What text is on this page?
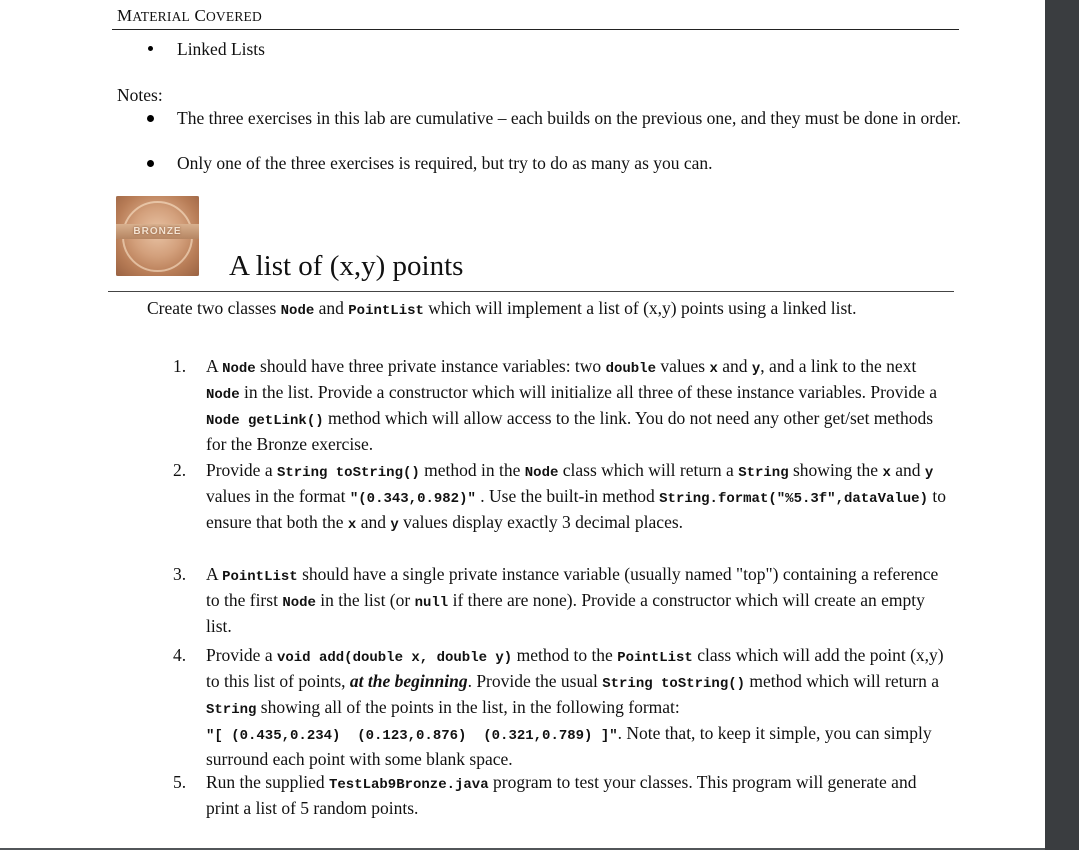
MATERIAL COVERED
Linked Lists
Notes:
The three exercises in this lab are cumulative – each builds on the previous one, and they must be done in order.
Only one of the three exercises is required, but try to do as many as you can.
BRONZE
A list of (x,y) points
Create two classes Node and PointList which will implement a list of (x,y) points using a linked list.
1. A Node should have three private instance variables: two double values x and y, and a link to the next Node in the list. Provide a constructor which will initialize all three of these instance variables. Provide a Node getLink() method which will allow access to the link. You do not need any other get/set methods for the Bronze exercise.
2. Provide a String toString() method in the Node class which will return a String showing the x and y values in the format "(0.343,0.982)" . Use the built-in method String.format("%5.3f",dataValue) to ensure that both the x and y values display exactly 3 decimal places.
3. A PointList should have a single private instance variable (usually named "top") containing a reference to the first Node in the list (or null if there are none). Provide a constructor which will create an empty list.
4. Provide a void add(double x, double y) method to the PointList class which will add the point (x,y) to this list of points, at the beginning. Provide the usual String toString() method which will return a String showing all of the points in the list, in the following format: "[ (0.435,0.234)  (0.123,0.876)  (0.321,0.789) ]". Note that, to keep it simple, you can simply surround each point with some blank space.
5. Run the supplied TestLab9Bronze.java program to test your classes. This program will generate and print a list of 5 random points.
